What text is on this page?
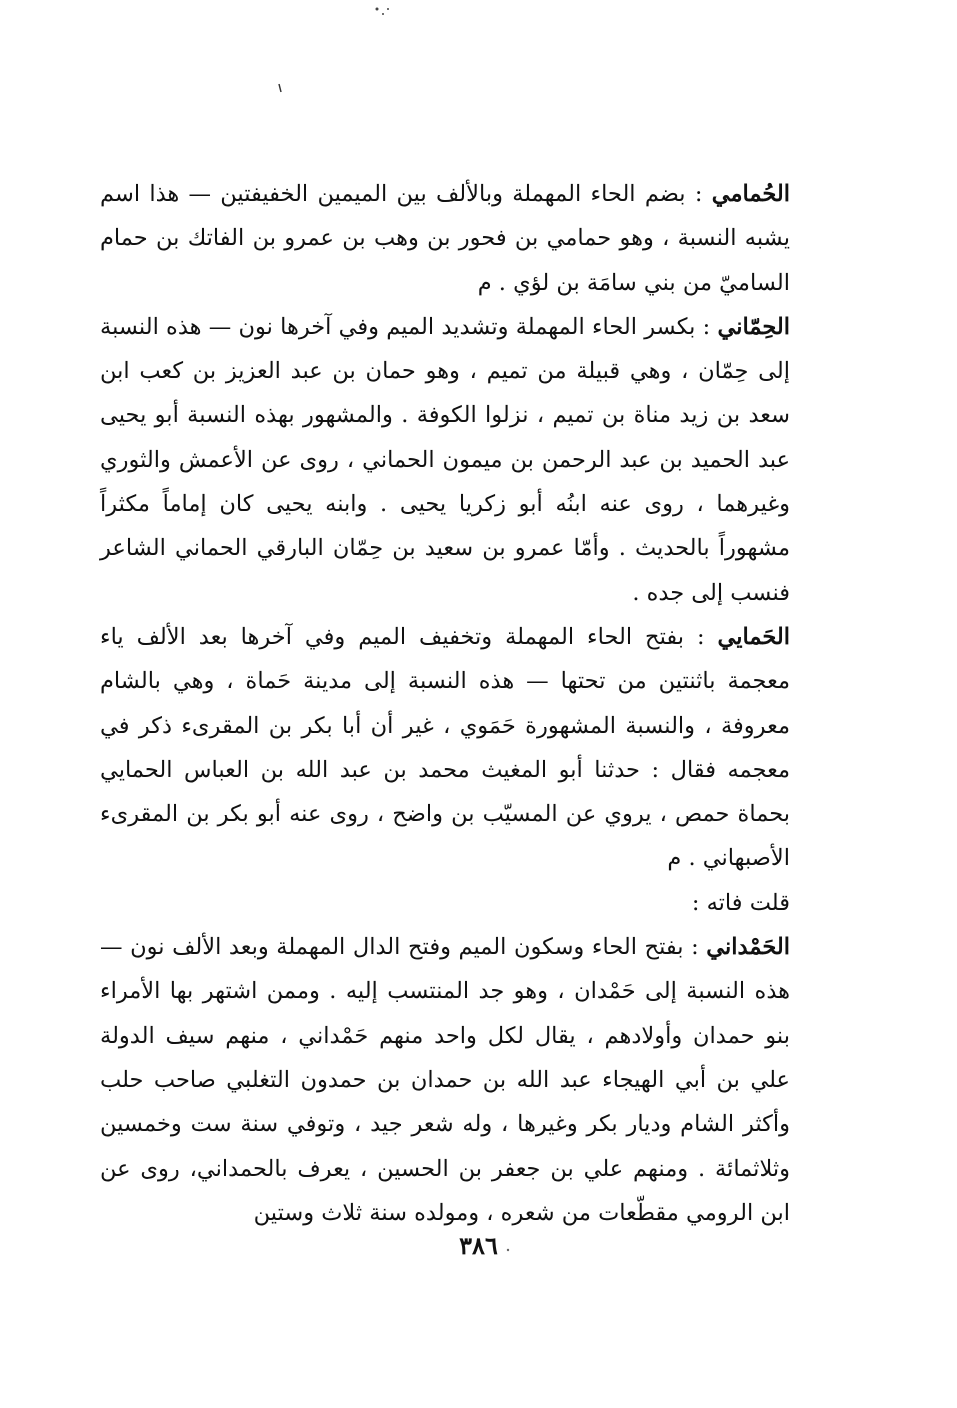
الحُمامي : بضم الحاء المهملة وبالألف بين الميمين الخفيفتين — هذا اسم يشبه النسبة ، وهو حمامي بن فحور بن وهب بن عمرو بن الفاتك بن حمام الساميّ من بني سامَة بن لؤي . م

الحِمّاني : بكسر الحاء المهملة وتشديد الميم وفي آخرها نون — هذه النسبة إلى حِمّان ، وهي قبيلة من تميم ، وهو حمان بن عبد العزيز بن كعب ابن سعد بن زيد مناة بن تميم ، نزلوا الكوفة . والمشهور بهذه النسبة أبو يحيى عبد الحميد بن عبد الرحمن بن ميمون الحماني ، روى عن الأعمش والثوري وغيرهما ، روى عنه ابنُه أبو زكريا يحيى . وابنه يحيى كان إماماً مكثراً مشهوراً بالحديث . وأمّا عمرو بن سعيد بن حِمّان البارقي الحماني الشاعر فنسب إلى جده .

الحَمايي : بفتح الحاء المهملة وتخفيف الميم وفي آخرها بعد الألف ياء معجمة باثنتين من تحتها — هذه النسبة إلى مدينة حَماة ، وهي بالشام معروفة ، والنسبة المشهورة حَمَوي ، غير أن أبا بكر بن المقرىء ذكر في معجمه فقال : حدثنا أبو المغيث محمد بن عبد الله بن العباس الحمايي بحماة حمص ، يروي عن المسيّب بن واضح ، روى عنه أبو بكر بن المقرىء الأصبهاني . م

قلت فاته :

الحَمْداني : بفتح الحاء وسكون الميم وفتح الدال المهملة وبعد الألف نون — هذه النسبة إلى حَمْدان ، وهو جد المنتسب إليه . وممن اشتهر بها الأمراء بنو حمدان وأولادهم ، يقال لكل واحد منهم حَمْداني ، منهم سيف الدولة علي بن أبي الهيجاء عبد الله بن حمدان بن حمدون التغلبي صاحب حلب وأكثر الشام وديار بكر وغيرها ، وله شعر جيد ، وتوفي سنة ست وخمسين وثلاثمائة . ومنهم علي بن جعفر بن الحسين ، يعرف بالحمداني، روى عن ابن الرومي مقطّعات من شعره ، ومولده سنة ثلاث وستين

٣٨٦
